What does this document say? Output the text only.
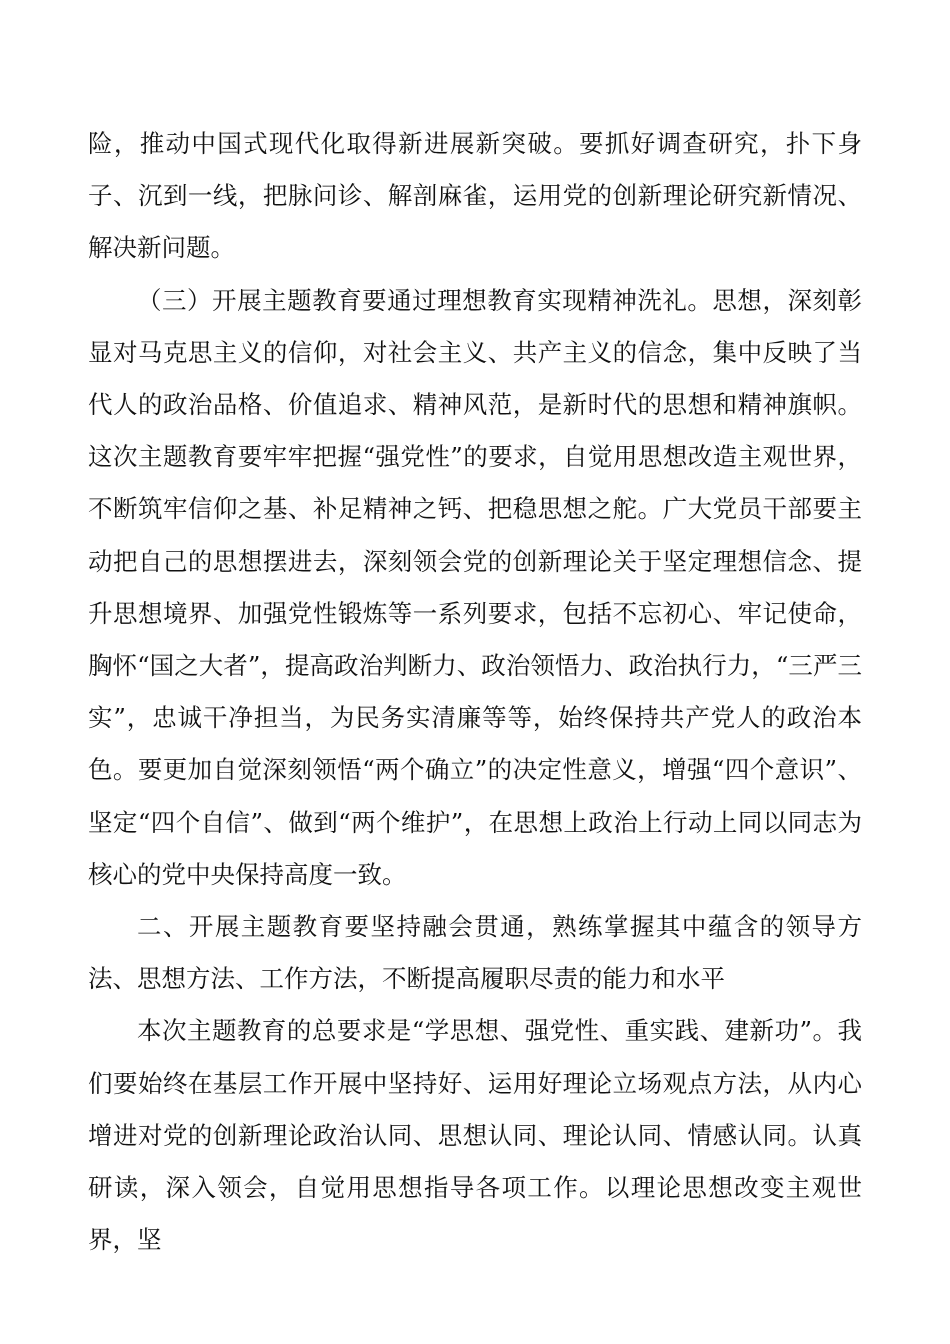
险，推动中国式现代化取得新进展新突破。要抓好调查研究，扑下身子、沉到一线，把脉问诊、解剖麻雀，运用党的创新理论研究新情况、解决新问题。

（三）开展主题教育要通过理想教育实现精神洗礼。思想，深刻彰显对马克思主义的信仰，对社会主义、共产主义的信念，集中反映了当代人的政治品格、价值追求、精神风范，是新时代的思想和精神旗帜。这次主题教育要牢牢把握“强党性”的要求，自觉用思想改造主观世界，不断筑牢信仰之基、补足精神之钙、把稳思想之舵。广大党员干部要主动把自己的思想摆进去，深刻领会党的创新理论关于坚定理想信念、提升思想境界、加强党性锻炼等一系列要求，包括不忘初心、牢记使命，胸怀“国之大者”，提高政治判断力、政治领悟力、政治执行力，“三严三实”，忠诚干净担当，为民务实清廉等等，始终保持共产党人的政治本色。要更加自觉深刻领悟“两个确立”的决定性意义，增强“四个意识”、坚定“四个自信”、做到“两个维护”，在思想上政治上行动上同以同志为核心的党中央保持高度一致。

二、开展主题教育要坚持融会贯通，熟练掌握其中蕴含的领导方法、思想方法、工作方法，不断提高履职尽责的能力和水平

本次主题教育的总要求是“学思想、强党性、重实践、建新功”。我们要始终在基层工作开展中坚持好、运用好理论立场观点方法，从内心增进对党的创新理论政治认同、思想认同、理论认同、情感认同。认真研读，深入领会，自觉用思想指导各项工作。以理论思想改变主观世界，坚
